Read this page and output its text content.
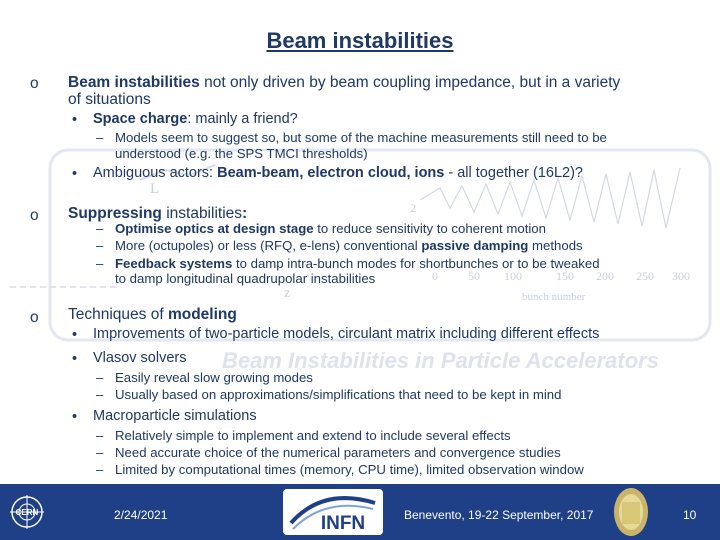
L
z
2
bunch number
0	50 100	150 200 250 300
Beam Instabilities in Particle Accelerators
Beam instabilities
o Beam instabilities not only driven by beam coupling impedance, but in a variety
of situations
• Space charge: mainly a friend?
– Models seem to suggest so, but some of the machine measurements still need to be
understood (e.g. the SPS TMCI thresholds)
• Ambiguous actors: Beam-beam, electron cloud, ions - all together (16L2)?
o Suppressing instabilities:
– Optimise optics at design stage to reduce sensitivity to coherent motion
– More (octupoles) or less (RFQ, e-lens) conventional passive damping methods
– Feedback systems to damp intra-bunch modes for shortbunches or to be tweaked
to damp longitudinal quadrupolar instabilities
o Techniques of modeling
• Improvements of two-particle models, circulant matrix including different effects
• Vlasov solvers
– Easily reveal slow growing modes
– Usually based on approximations/simplifications that need to be kept in mind
• Macroparticle simulations
– Relatively simple to implement and extend to include several effects
– Need accurate choice of the numerical parameters and convergence studies
– Limited by computational times (memory, CPU time), limited observation window
CERN	2/24/2021	INFN	Benevento, 19-22 September, 2017	10
